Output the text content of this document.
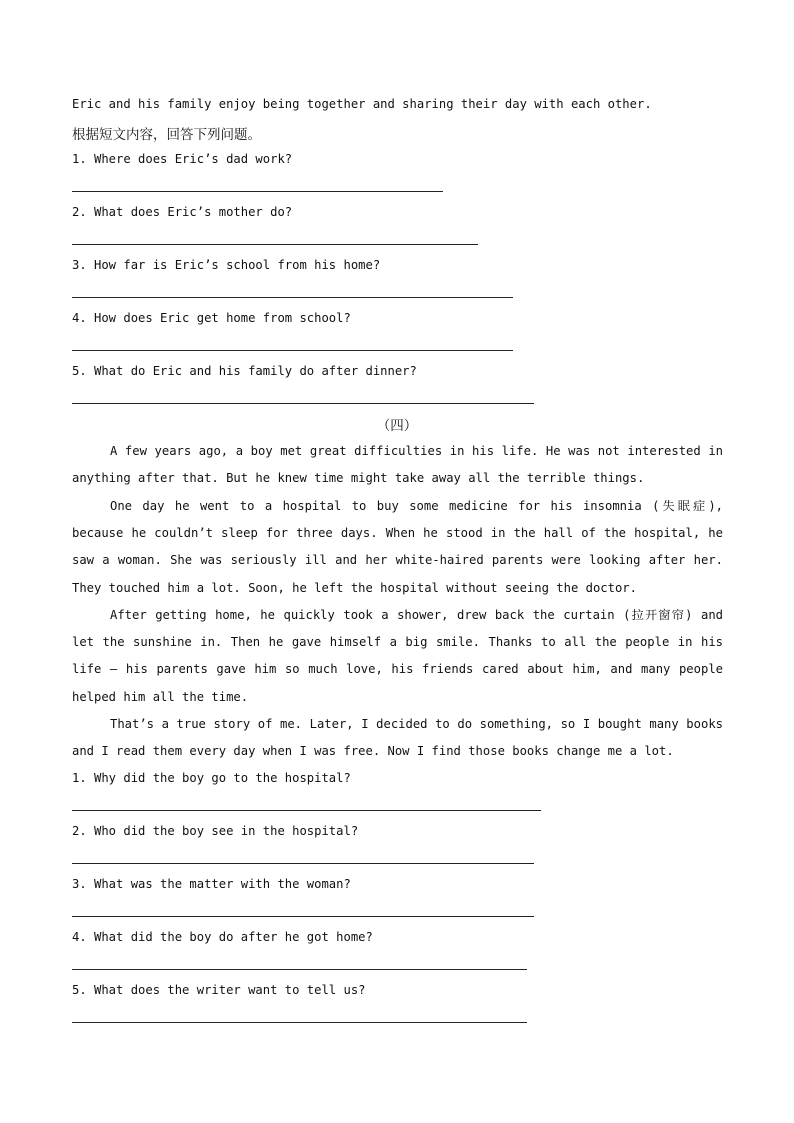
Eric and his family enjoy being together and sharing their day with each other.
根据短文内容，回答下列问题。
1. Where does Eric’s dad work?
2. What does Eric’s mother do?
3. How far is Eric’s school from his home?
4. How does Eric get home from school?
5. What do Eric and his family do after dinner?
（四）
A few years ago, a boy met great difficulties in his life. He was not interested in anything after that. But he knew time might take away all the terrible things.
One day he went to a hospital to buy some medicine for his insomnia (失眠症), because he couldn’t sleep for three days. When he stood in the hall of the hospital, he saw a woman. She was seriously ill and her white-haired parents were looking after her. They touched him a lot. Soon, he left the hospital without seeing the doctor.
After getting home, he quickly took a shower, drew back the curtain (拉开窗帘) and let the sunshine in. Then he gave himself a big smile. Thanks to all the people in his life — his parents gave him so much love, his friends cared about him, and many people helped him all the time.
That’s a true story of me. Later, I decided to do something, so I bought many books and I read them every day when I was free. Now I find those books change me a lot.
1. Why did the boy go to the hospital?
2. Who did the boy see in the hospital?
3. What was the matter with the woman?
4. What did the boy do after he got home?
5. What does the writer want to tell us?
